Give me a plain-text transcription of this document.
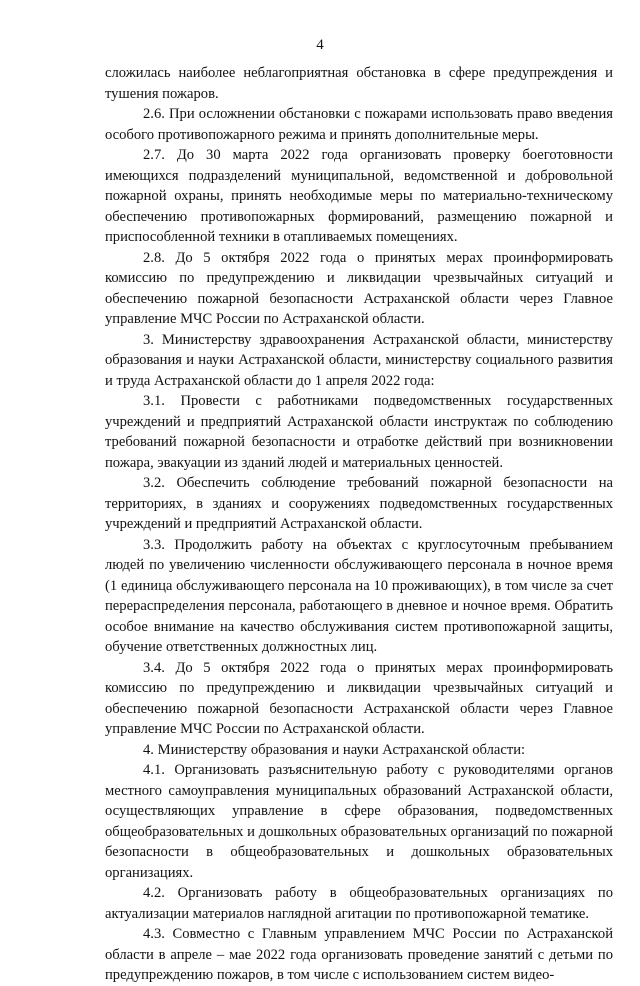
4

сложилась наиболее неблагоприятная обстановка в сфере предупреждения и тушения пожаров.

2.6. При осложнении обстановки с пожарами использовать право введения особого противопожарного режима и принять дополнительные меры.

2.7. До 30 марта 2022 года организовать проверку боеготовности имеющихся подразделений муниципальной, ведомственной и добровольной пожарной охраны, принять необходимые меры по материально-техническому обеспечению противопожарных формирований, размещению пожарной и приспособленной техники в отапливаемых помещениях.

2.8. До 5 октября 2022 года о принятых мерах проинформировать комиссию по предупреждению и ликвидации чрезвычайных ситуаций и обеспечению пожарной безопасности Астраханской области через Главное управление МЧС России по Астраханской области.

3. Министерству здравоохранения Астраханской области, министерству образования и науки Астраханской области, министерству социального развития и труда Астраханской области до 1 апреля 2022 года:

3.1. Провести с работниками подведомственных государственных учреждений и предприятий Астраханской области инструктаж по соблюдению требований пожарной безопасности и отработке действий при возникновении пожара, эвакуации из зданий людей и материальных ценностей.

3.2. Обеспечить соблюдение требований пожарной безопасности на территориях, в зданиях и сооружениях подведомственных государственных учреждений и предприятий Астраханской области.

3.3. Продолжить работу на объектах с круглосуточным пребыванием людей по увеличению численности обслуживающего персонала в ночное время (1 единица обслуживающего персонала на 10 проживающих), в том числе за счет перераспределения персонала, работающего в дневное и ночное время. Обратить особое внимание на качество обслуживания систем противопожарной защиты, обучение ответственных должностных лиц.

3.4. До 5 октября 2022 года о принятых мерах проинформировать комиссию по предупреждению и ликвидации чрезвычайных ситуаций и обеспечению пожарной безопасности Астраханской области через Главное управление МЧС России по Астраханской области.

4. Министерству образования и науки Астраханской области:

4.1. Организовать разъяснительную работу с руководителями органов местного самоуправления муниципальных образований Астраханской области, осуществляющих управление в сфере образования, подведомственных общеобразовательных и дошкольных образовательных организаций по пожарной безопасности в общеобразовательных и дошкольных образовательных организациях.

4.2. Организовать работу в общеобразовательных организациях по актуализации материалов наглядной агитации по противопожарной тематике.

4.3. Совместно с Главным управлением МЧС России по Астраханской области в апреле – мае 2022 года организовать проведение занятий с детьми по предупреждению пожаров, в том числе с использованием систем видео-
